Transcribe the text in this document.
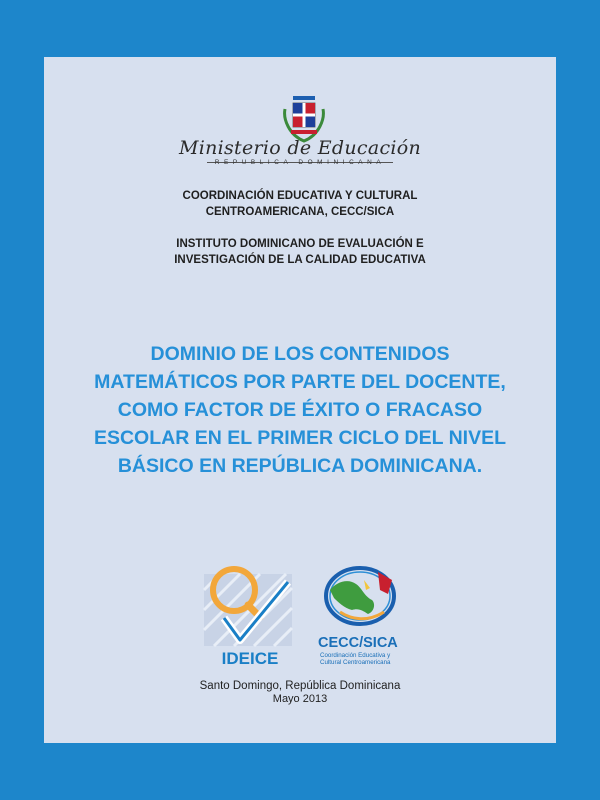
Ministerio de Educación
REPUBLICA DOMINICANA
COORDINACIÓN EDUCATIVA Y CULTURAL
CENTROAMERICANA, CECC/SICA
INSTITUTO DOMINICANO DE EVALUACIÓN E
INVESTIGACIÓN DE LA CALIDAD EDUCATIVA
DOMINIO DE LOS CONTENIDOS
MATEMÁTICOS POR PARTE DEL DOCENTE,
COMO FACTOR DE ÉXITO O FRACASO
ESCOLAR EN EL PRIMER CICLO DEL NIVEL
BÁSICO EN REPÚBLICA DOMINICANA.
IDEICE
CECC/SICA
Coordinación Educativa y
Cultural Centroamericana
Santo Domingo, República Dominicana
Mayo 2013
